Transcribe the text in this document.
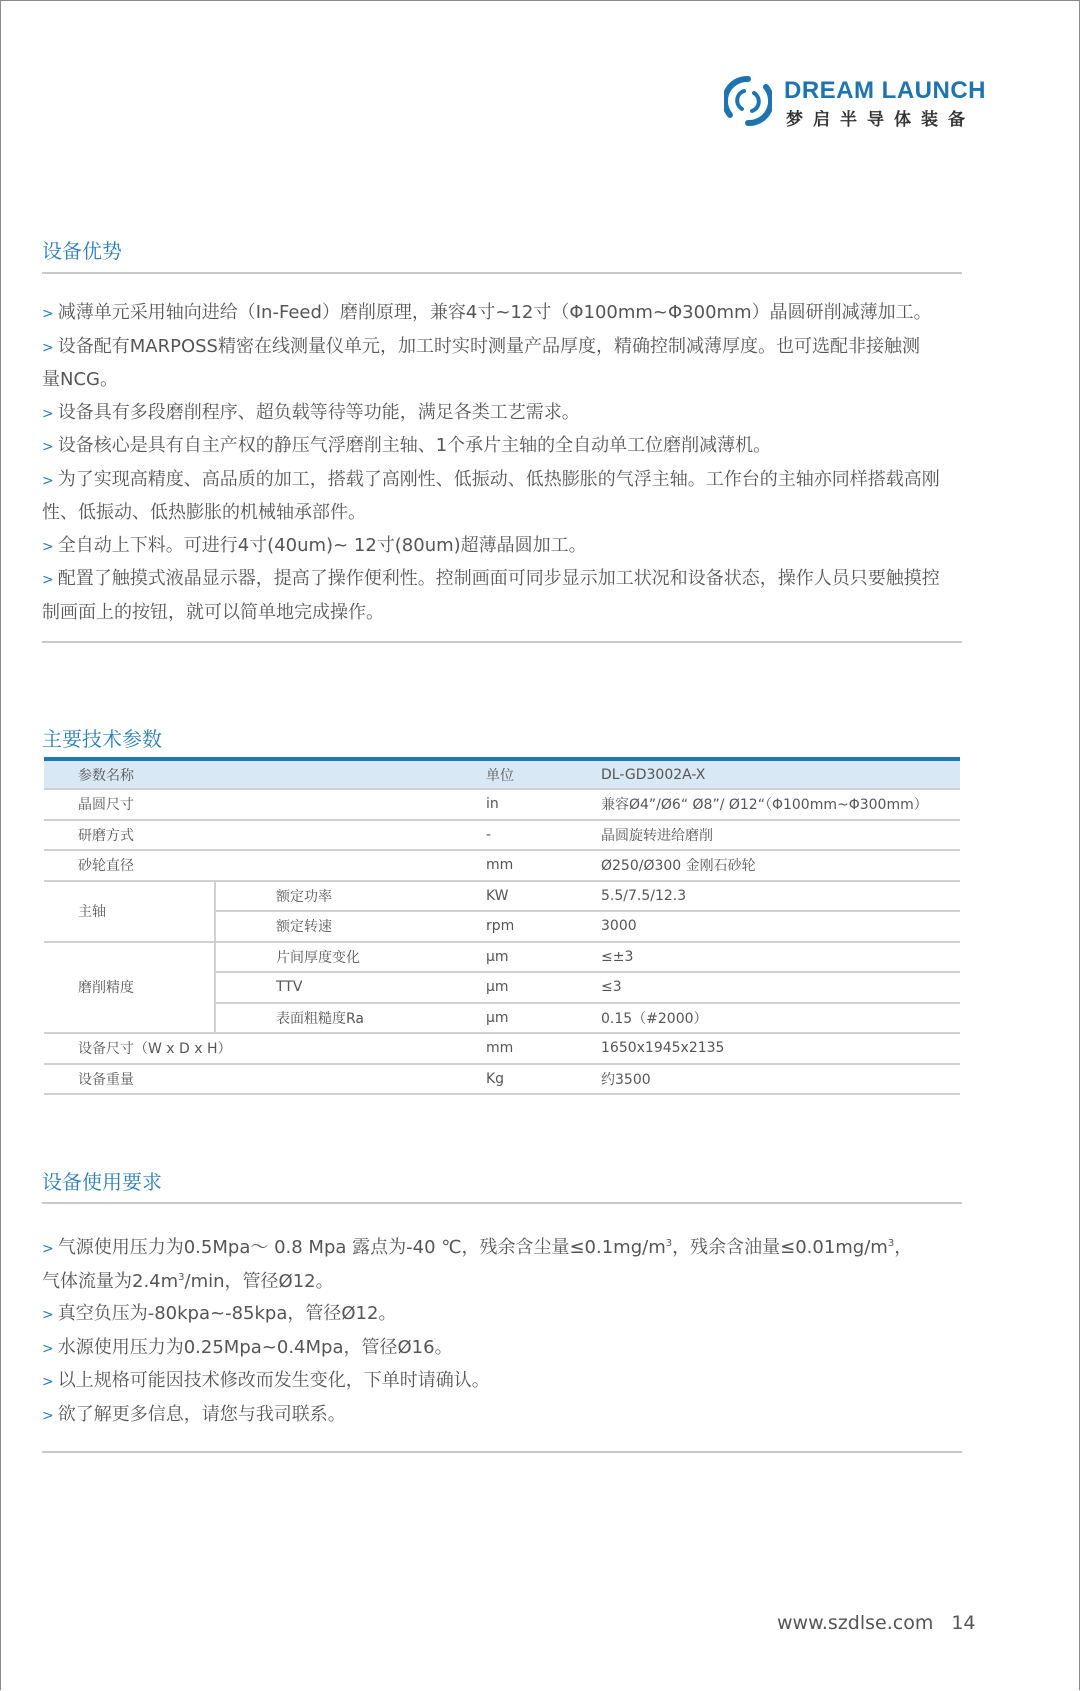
DREAM LAUNCH
梦启半导体装备
设备优势
> 减薄单元采用轴向进给（In-Feed）磨削原理，兼容4寸~12寸（Φ100mm~Φ300mm）晶圆研削减薄加工。
> 设备配有MARPOSS精密在线测量仪单元，加工时实时测量产品厚度，精确控制减薄厚度。也可选配非接触测
量NCG。
> 设备具有多段磨削程序、超负载等待等功能，满足各类工艺需求。
> 设备核心是具有自主产权的静压气浮磨削主轴、1个承片主轴的全自动单工位磨削减薄机。
> 为了实现高精度、高品质的加工，搭载了高刚性、低振动、低热膨胀的气浮主轴。工作台的主轴亦同样搭载高刚
性、低振动、低热膨胀的机械轴承部件。
> 全自动上下料。可进行4寸(40um)~ 12寸(80um)超薄晶圆加工。
> 配置了触摸式液晶显示器，提高了操作便利性。控制画面可同步显示加工状况和设备状态，操作人员只要触摸控
制画面上的按钮，就可以简单地完成操作。
主要技术参数
参数名称		单位	DL-GD3002A-X
晶圆尺寸		in	兼容Ø4”/Ø6“ Ø8”/ Ø12“（Φ100mm~Φ300mm）
研磨方式		-	晶圆旋转进给磨削
砂轮直径		mm	Ø250/Ø300 金刚石砂轮
主轴	额定功率	KW	5.5/7.5/12.3
	额定转速	rpm	3000
磨削精度	片间厚度变化	μm	≤±3
	TTV	μm	≤3
	表面粗糙度Ra	μm	0.15（#2000）
设备尺寸（W x D x H）		mm	1650x1945x2135
设备重量		Kg	约3500
设备使用要求
> 气源使用压力为0.5Mpa～ 0.8 Mpa 露点为-40 ℃，残余含尘量$\le 0.1mg/m^3$，残余含油量$\le 0.01mg/m^3$，
气体流量为$2.4m^3/\min$，管径Ø12。
> 真空负压为-80kpa~-85kpa，管径Ø12。
> 水源使用压力为0.25Mpa~0.4Mpa，管径Ø16。
> 以上规格可能因技术修改而发生变化，下单时请确认。
> 欲了解更多信息，请您与我司联系。
www.szdlse.com 14
